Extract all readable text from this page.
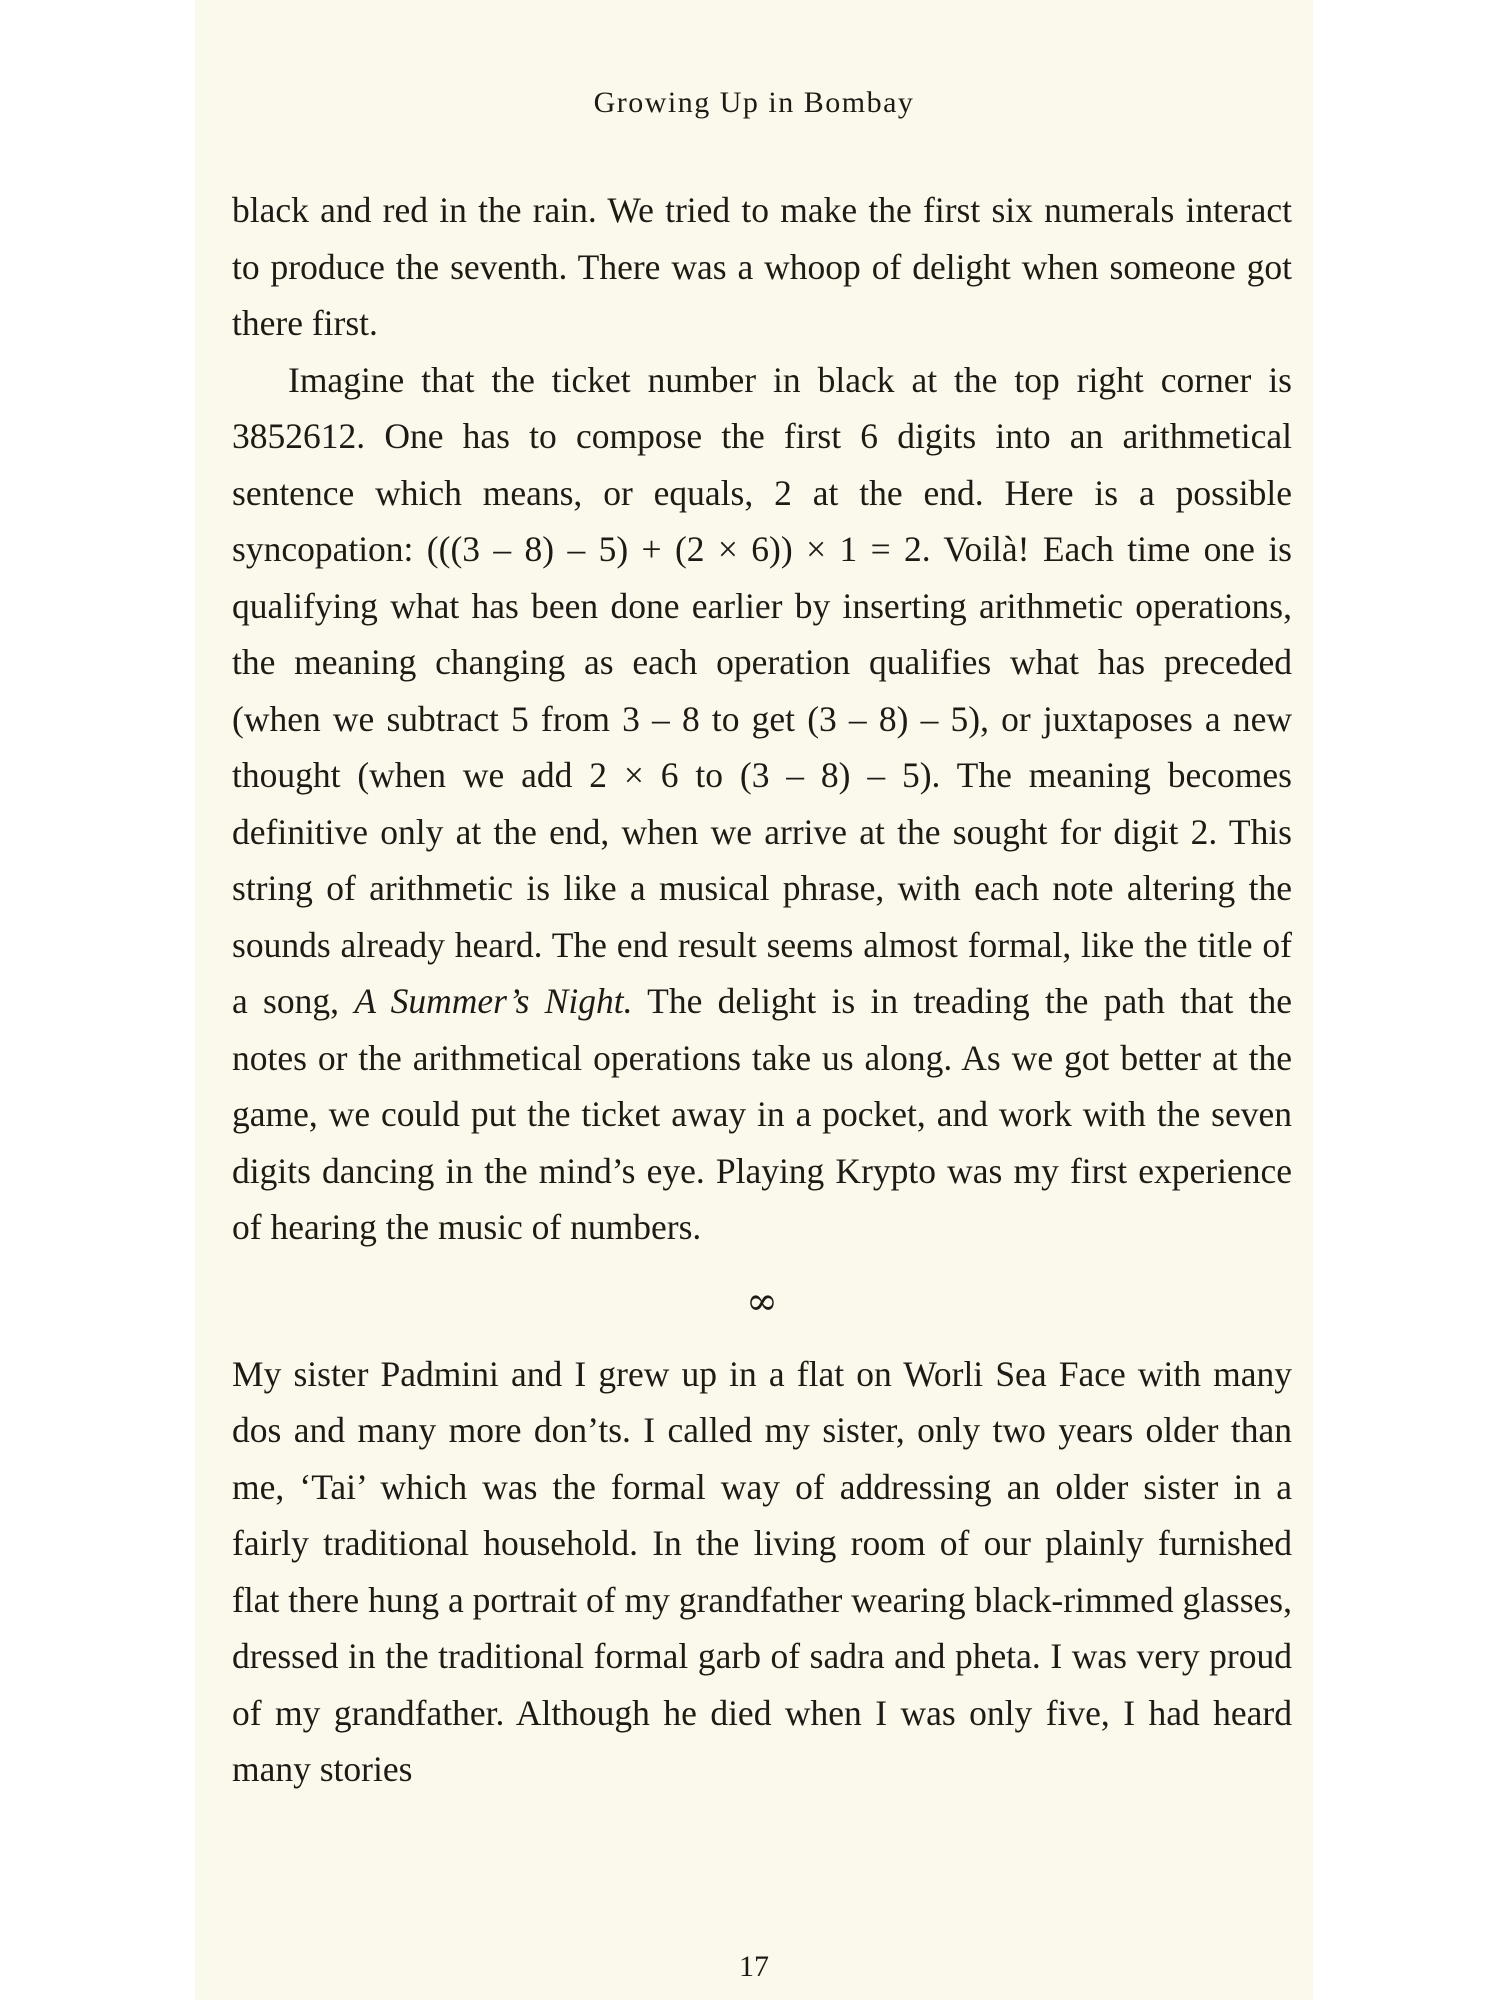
Growing Up in Bombay

black and red in the rain. We tried to make the first six numerals interact to produce the seventh. There was a whoop of delight when someone got there first.

Imagine that the ticket number in black at the top right corner is 3852612. One has to compose the first 6 digits into an arithmetical sentence which means, or equals, 2 at the end. Here is a possible syncopation: (((3 – 8) – 5) + (2 × 6)) × 1 = 2. Voilà! Each time one is qualifying what has been done earlier by inserting arithmetic operations, the meaning changing as each operation qualifies what has preceded (when we subtract 5 from 3 – 8 to get (3 – 8) – 5), or juxtaposes a new thought (when we add 2 × 6 to (3 – 8) – 5). The meaning becomes definitive only at the end, when we arrive at the sought for digit 2. This string of arithmetic is like a musical phrase, with each note altering the sounds already heard. The end result seems almost formal, like the title of a song, A Summer’s Night. The delight is in treading the path that the notes or the arithmetical operations take us along. As we got better at the game, we could put the ticket away in a pocket, and work with the seven digits dancing in the mind’s eye. Playing Krypto was my first experience of hearing the music of numbers.

∞

My sister Padmini and I grew up in a flat on Worli Sea Face with many dos and many more don’ts. I called my sister, only two years older than me, ‘Tai’ which was the formal way of addressing an older sister in a fairly traditional household. In the living room of our plainly furnished flat there hung a portrait of my grandfather wearing black-rimmed glasses, dressed in the traditional formal garb of sadra and pheta. I was very proud of my grandfather. Although he died when I was only five, I had heard many stories

17
